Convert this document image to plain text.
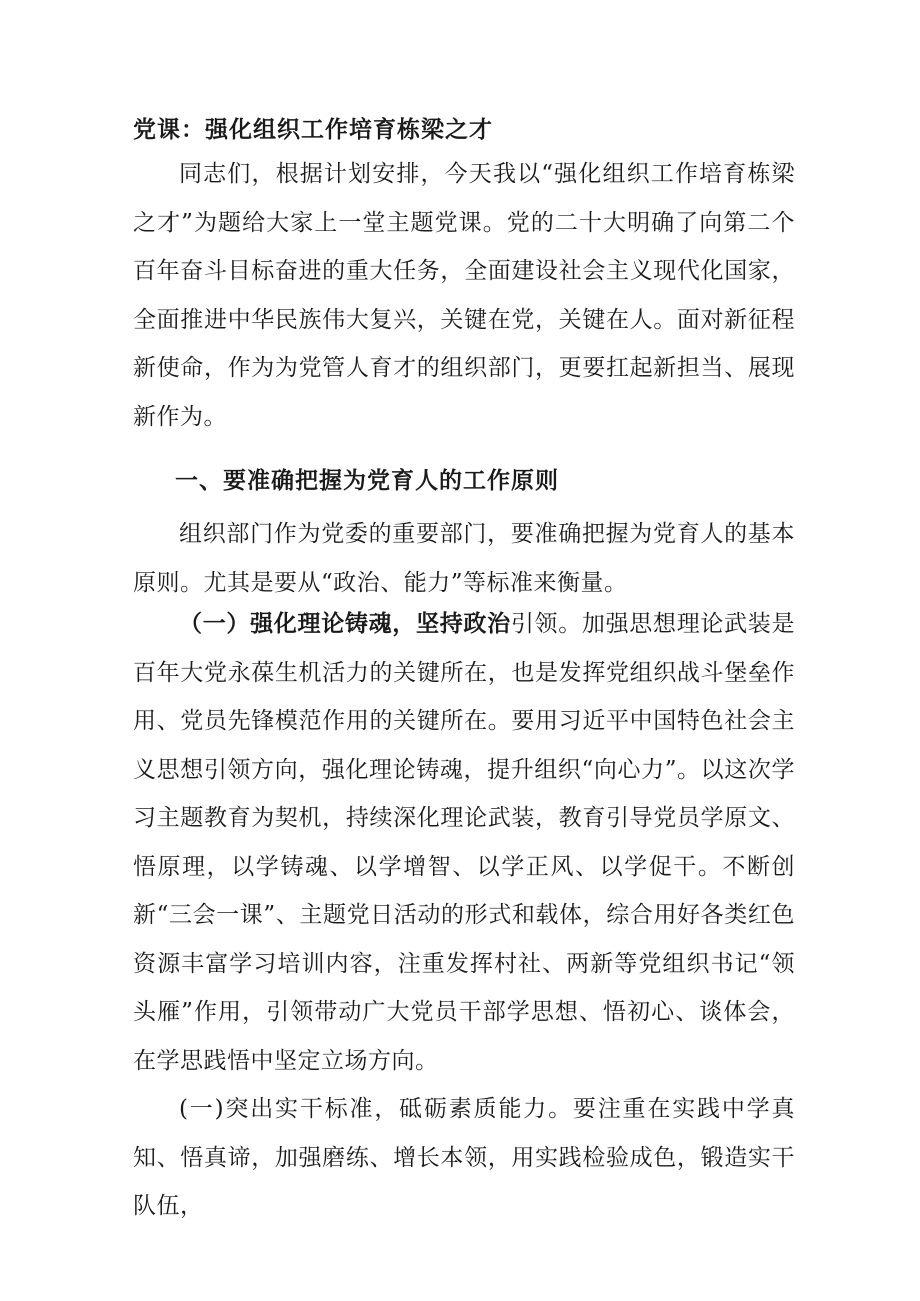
党课：强化组织工作培育栋梁之才

同志们，根据计划安排，今天我以“强化组织工作培育栋梁之才”为题给大家上一堂主题党课。党的二十大明确了向第二个百年奋斗目标奋进的重大任务，全面建设社会主义现代化国家，全面推进中华民族伟大复兴，关键在党，关键在人。面对新征程新使命，作为为党管人育才的组织部门，更要扛起新担当、展现新作为。

一、要准确把握为党育人的工作原则

组织部门作为党委的重要部门，要准确把握为党育人的基本原则。尤其是要从“政治、能力”等标准来衡量。

（一）强化理论铸魂，坚持政治引领。加强思想理论武装是百年大党永葆生机活力的关键所在，也是发挥党组织战斗堡垒作用、党员先锋模范作用的关键所在。要用习近平中国特色社会主义思想引领方向，强化理论铸魂，提升组织“向心力”。以这次学习主题教育为契机，持续深化理论武装，教育引导党员学原文、悟原理，以学铸魂、以学增智、以学正风、以学促干。不断创新“三会一课”、主题党日活动的形式和载体，综合用好各类红色资源丰富学习培训内容，注重发挥村社、两新等党组织书记“领头雁”作用，引领带动广大党员干部学思想、悟初心、谈体会，在学思践悟中坚定立场方向。

(一)突出实干标准，砥砺素质能力。要注重在实践中学真知、悟真谛，加强磨练、增长本领，用实践检验成色，锻造实干队伍，
